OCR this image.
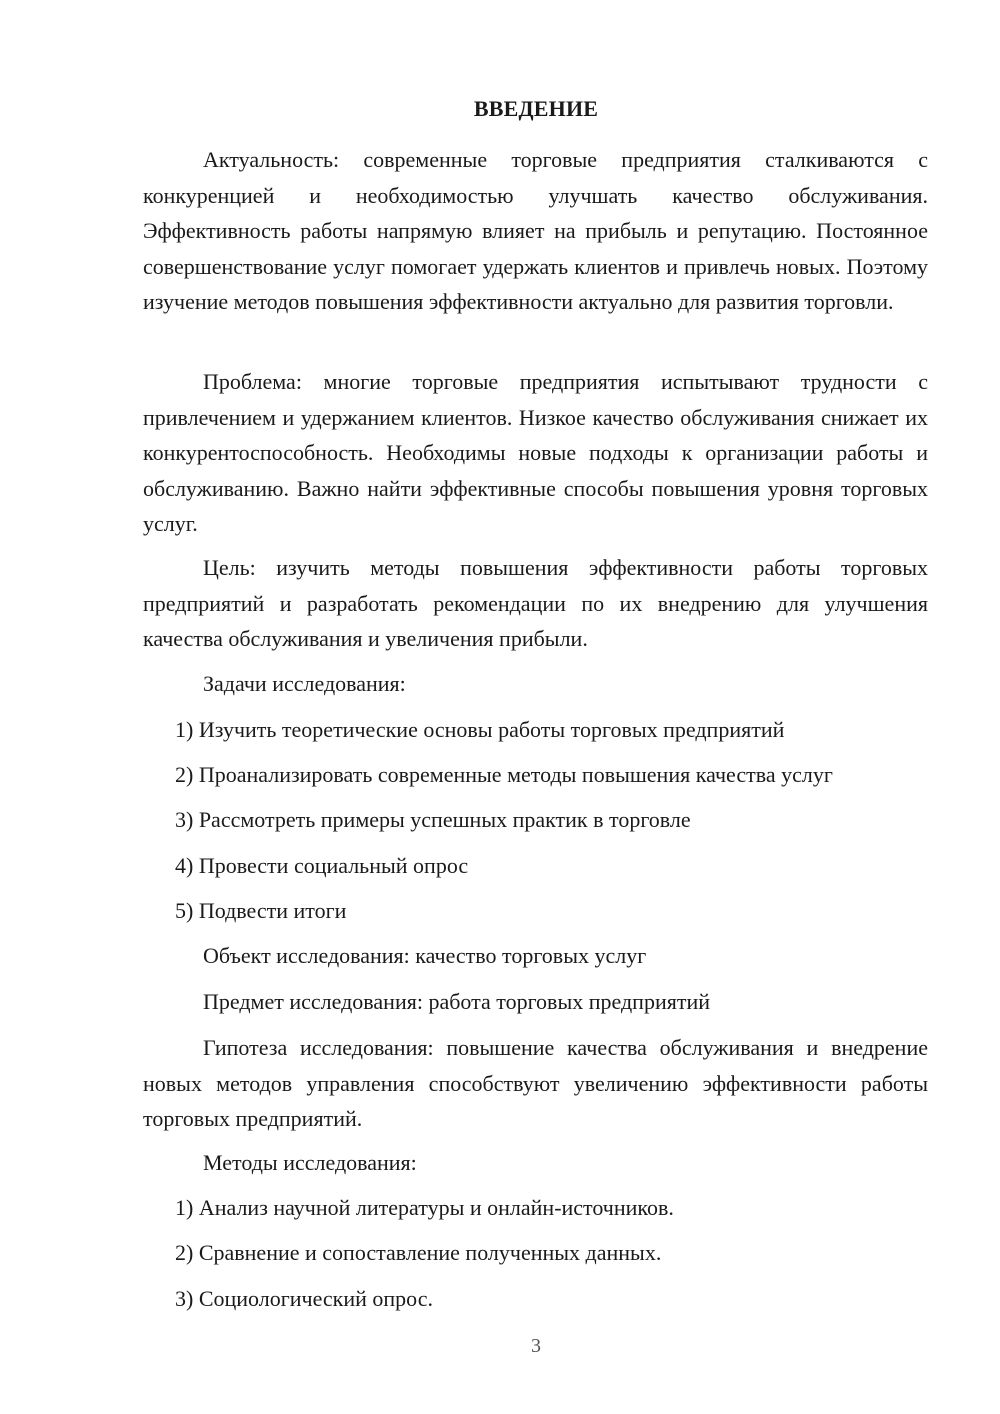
ВВЕДЕНИЕ

Актуальность: современные торговые предприятия сталкиваются с конкуренцией и необходимостью улучшать качество обслуживания. Эффективность работы напрямую влияет на прибыль и репутацию. Постоянное совершенствование услуг помогает удержать клиентов и привлечь новых. Поэтому изучение методов повышения эффективности актуально для развития торговли.

Проблема: многие торговые предприятия испытывают трудности с привлечением и удержанием клиентов. Низкое качество обслуживания снижает их конкурентоспособность. Необходимы новые подходы к организации работы и обслуживанию. Важно найти эффективные способы повышения уровня торговых услуг.

Цель: изучить методы повышения эффективности работы торговых предприятий и разработать рекомендации по их внедрению для улучшения качества обслуживания и увеличения прибыли.

Задачи исследования:

1) Изучить теоретические основы работы торговых предприятий

2) Проанализировать современные методы повышения качества услуг

3) Рассмотреть примеры успешных практик в торговле

4) Провести социальный опрос

5) Подвести итоги

Объект исследования: качество торговых услуг

Предмет исследования: работа торговых предприятий

Гипотеза исследования: повышение качества обслуживания и внедрение новых методов управления способствуют увеличению эффективности работы торговых предприятий.

Методы исследования:

1) Анализ научной литературы и онлайн-источников.

2) Сравнение и сопоставление полученных данных.

3) Социологический опрос.

3
